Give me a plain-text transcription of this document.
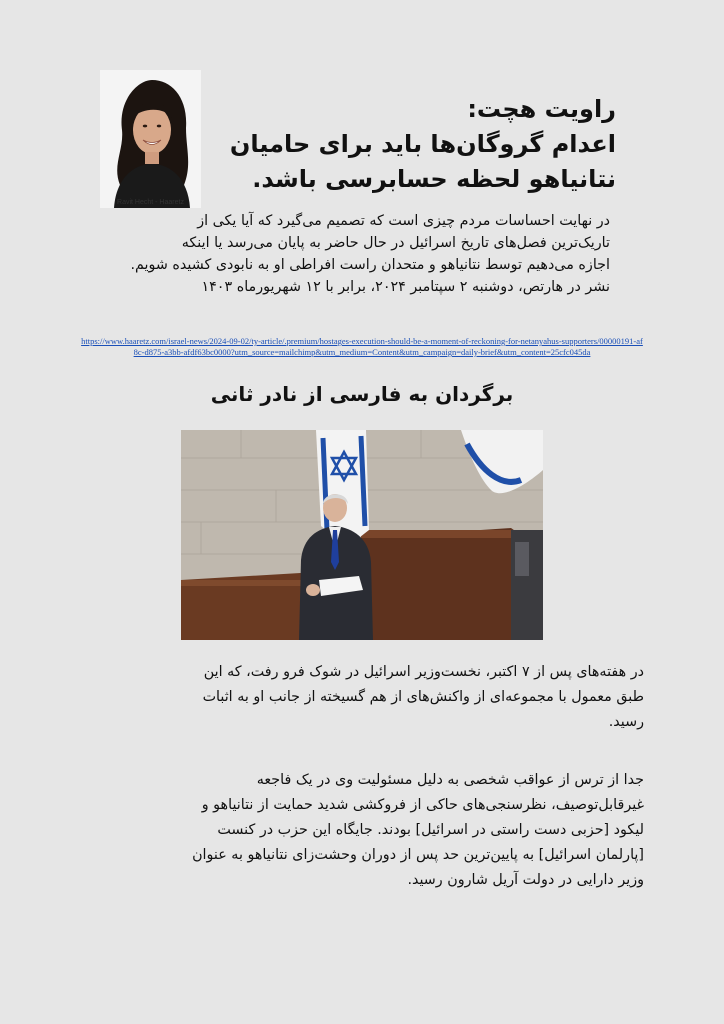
Ravit Hecht - Haaretz
راویت هچت:
اعدام گروگان‌ها باید برای حامیان
نتانیاهو لحظه حسابرسی باشد.
در نهایت احساسات مردم چیزی است که تصمیم می‌گیرد که آیا یکی از
تاریک‌ترین فصل‌های تاریخ اسرائیل در حال حاضر به پایان می‌رسد یا اینکه
اجازه می‌دهیم توسط نتانیاهو و متحدان راست افراطی او به نابودی کشیده شویم.
نشر در هارتص، دوشنبه ۲ سپتامبر ۲۰۲۴، برابر با ۱۲ شهریورماه ۱۴۰۳
https://www.haaretz.com/israel-news/2024-09-02/ty-article/.premium/hostages-execution-should-be-a-moment-of-reckoning-for-netanyahus-supporters/00000191-af8c-d875-a3bb-afdf63bc0000?utm_source=mailchimp&utm_medium=Content&utm_campaign=daily-brief&utm_content=25cfc045da
برگردان به فارسی از نادر ثانی
در هفته‌های پس از ۷ اکتبر، نخست‌وزیر اسرائیل در شوک فرو رفت، که این
طبق معمول با مجموعه‌ای از واکنش‌های از هم گسیخته از جانب او به اثبات
رسید.
جدا از ترس از عواقب شخصی به دلیل مسئولیت وی در یک فاجعه
غیرقابل‌توصیف، نظرسنجی‌های حاکی از فروکشی شدید حمایت از نتانیاهو و
لیکود [حزبی دست راستی در اسرائیل] بودند. جایگاه این حزب در کنست
[پارلمان اسرائیل] به پایین‌ترین حد پس از دوران وحشت‌زای نتانیاهو به عنوان
وزیر دارایی در دولت آریل شارون رسید.
